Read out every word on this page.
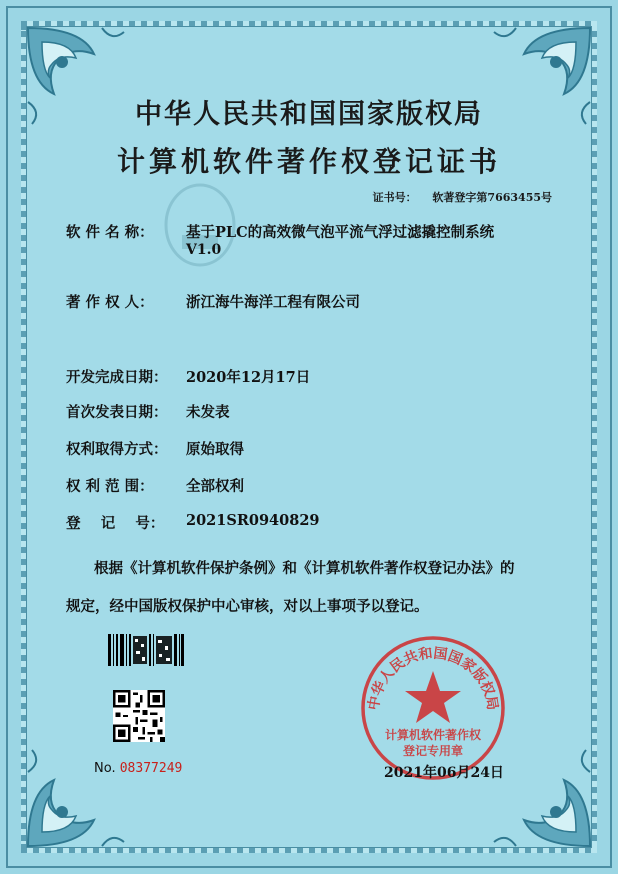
中华人民共和国国家版权局
计算机软件著作权登记证书
证书号： 软著登字第7663455号
软 件 名 称： 基于PLC的高效微气泡平流气浮过滤撬控制系统
V1.0
著 作 权 人： 浙江海牛海洋工程有限公司
开发完成日期： 2020年12月17日
首次发表日期： 未发表
权利取得方式： 原始取得
权 利 范 围： 全部权利
登    记    号： 2021SR0940829
根据《计算机软件保护条例》和《计算机软件著作权登记办法》的
规定，经中国版权保护中心审核，对以上事项予以登记。
No. 08377249
中华人民共和国国家版权局
计算机软件著作权
登记专用章
2021年06月24日
